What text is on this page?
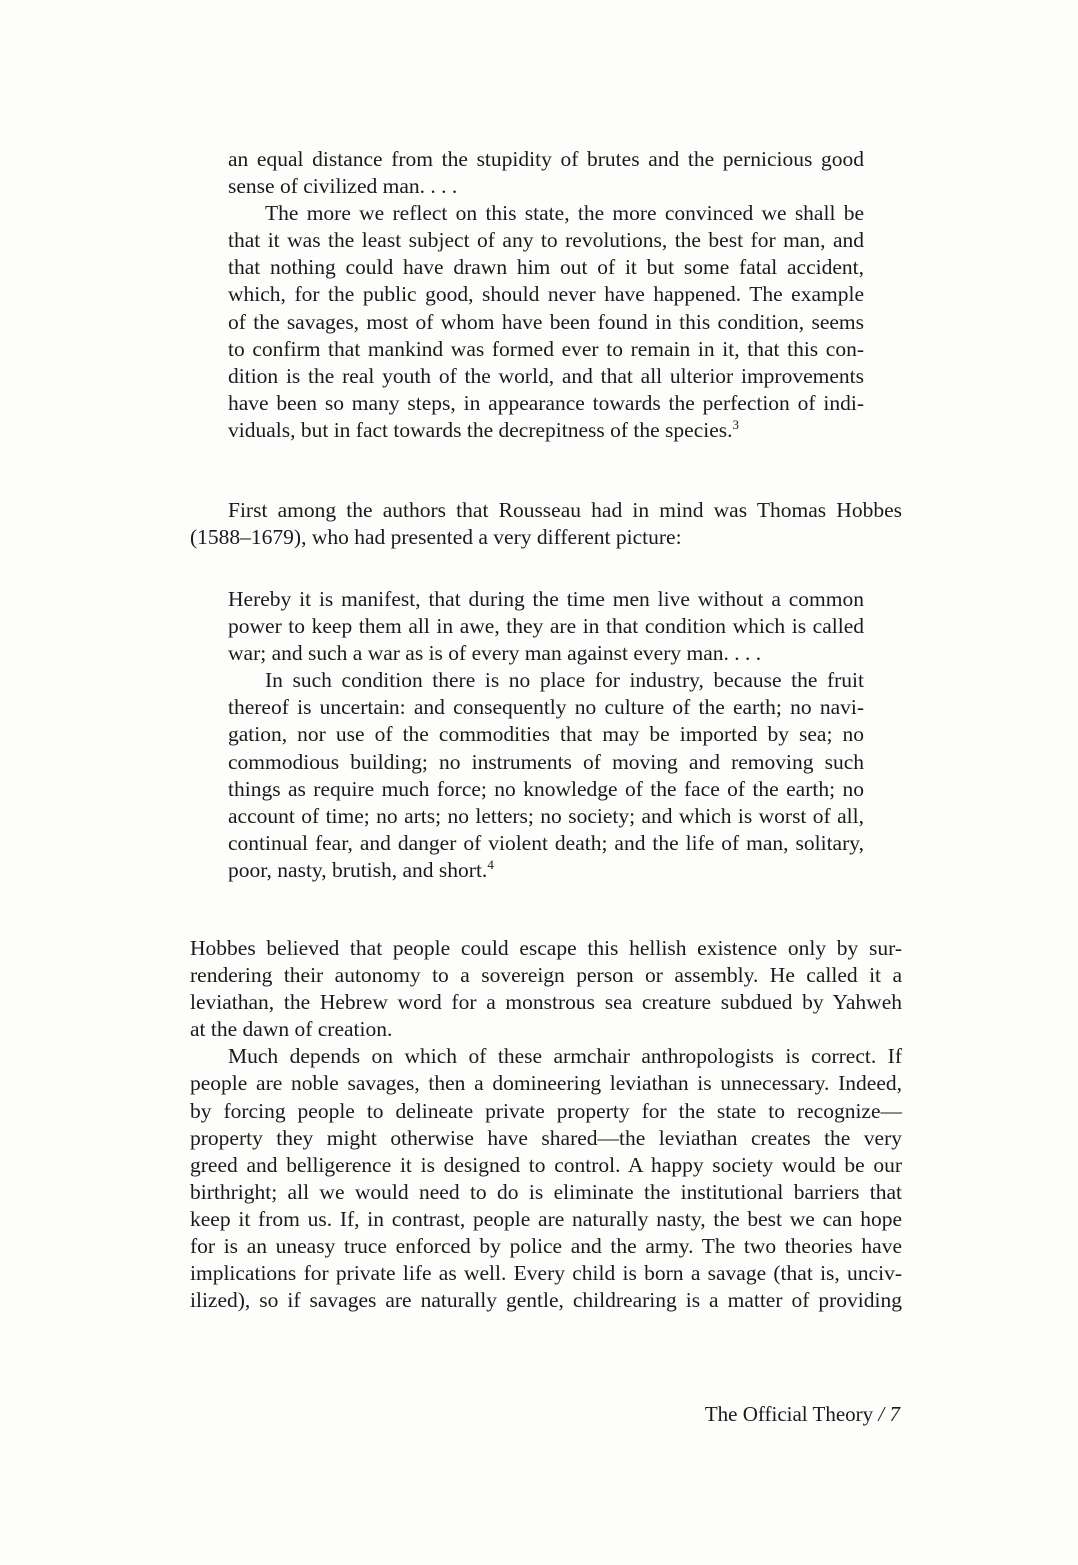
an equal distance from the stupidity of brutes and the pernicious good
sense of civilized man. . . .

The more we reflect on this state, the more convinced we shall be
that it was the least subject of any to revolutions, the best for man, and
that nothing could have drawn him out of it but some fatal accident,
which, for the public good, should never have happened. The example
of the savages, most of whom have been found in this condition, seems
to confirm that mankind was formed ever to remain in it, that this con-
dition is the real youth of the world, and that all ulterior improvements
have been so many steps, in appearance towards the perfection of indi-
viduals, but in fact towards the decrepitness of the species.$^3$

First among the authors that Rousseau had in mind was Thomas Hobbes
(1588–1679), who had presented a very different picture:

Hereby it is manifest, that during the time men live without a common
power to keep them all in awe, they are in that condition which is called
war; and such a war as is of every man against every man. . . .

In such condition there is no place for industry, because the fruit
thereof is uncertain: and consequently no culture of the earth; no navi-
gation, nor use of the commodities that may be imported by sea; no
commodious building; no instruments of moving and removing such
things as require much force; no knowledge of the face of the earth; no
account of time; no arts; no letters; no society; and which is worst of all,
continual fear, and danger of violent death; and the life of man, solitary,
poor, nasty, brutish, and short.$^4$

Hobbes believed that people could escape this hellish existence only by sur-
rendering their autonomy to a sovereign person or assembly. He called it a
leviathan, the Hebrew word for a monstrous sea creature subdued by Yahweh
at the dawn of creation.

Much depends on which of these armchair anthropologists is correct. If
people are noble savages, then a domineering leviathan is unnecessary. Indeed,
by forcing people to delineate private property for the state to recognize—
property they might otherwise have shared—the leviathan creates the very
greed and belligerence it is designed to control. A happy society would be our
birthright; all we would need to do is eliminate the institutional barriers that
keep it from us. If, in contrast, people are naturally nasty, the best we can hope
for is an uneasy truce enforced by police and the army. The two theories have
implications for private life as well. Every child is born a savage (that is, unciv-
ilized), so if savages are naturally gentle, childrearing is a matter of providing

The Official Theory / 7
